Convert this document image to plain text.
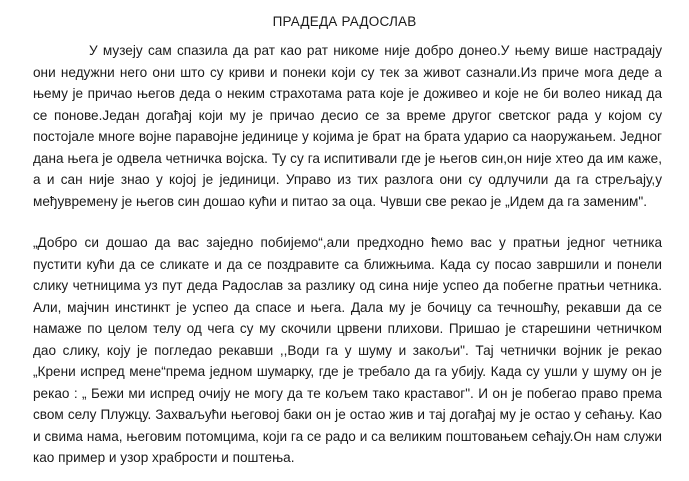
ПРАДЕДА РАДОСЛАВ

У музеју сам спазила да рат као рат никоме није добро донео.У њему више настрадају они недужни него они што су криви и понеки који су тек за живот сазнали.Из приче мога деде а њему је причао његов деда о неким страхотама рата које је доживео и које не би волео никад да се понове.Један догађај који му је причао десио се за време другог светског рада у којом су постојале многе војне паравојне јединице у којима је брат на брата ударио са наоружањем. Једног дана њега је одвела четничка војска. Ту су га испитивали где је његов син,он није хтео да им каже, а и сан није знао у којој је јединици. Управо из тих разлога они су одлучили да га стрељају,у међувремену је његов син дошао кући и питао за оца. Чувши све рекао је „Идем да га заменим".

„Добро си дошао да вас заједно побијемо“,али предходно ћемо вас у пратњи једног четника пустити кући да се сликате и да се поздравите са ближњима. Када су посао завршили и понели слику четницима уз пут деда Радослав за разлику од сина није успео да побегне пратњи четника. Али, мајчин инстинкт је успео да спасе и њега. Дала му је бочицу са течношћу, рекавши да се намаже по целом телу од чега су му скочили црвени плихови. Пришао је старешини четничком дао слику, коју је погледао рекавши ,,Води га у шуму и закољи". Тај четнички војник је рекао „Крени испред мене“према једном шумарку, где је требало да га убију. Када су ушли у шуму он је рекао : „ Бежи ми испред очију не могу да те кољем тако краставог". И он је побегао право према свом селу Плужцу. Захваљући његовој баки он је остао жив и тај догађај му је остао у сећању. Као и свима нама, његовим потомцима, који га се радо и са великим поштовањем сећају.Он нам служи као пример и узор храбрости и поштења.
